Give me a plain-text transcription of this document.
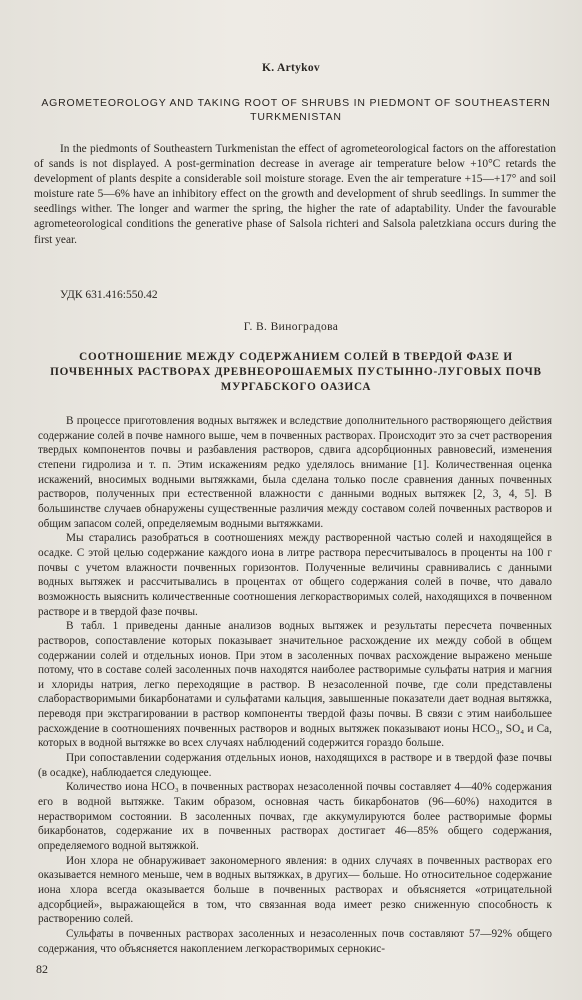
K. Artykov
AGROMETEOROLOGY AND TAKING ROOT OF SHRUBS IN PIEDMONT OF SOUTHEASTERN TURKMENISTAN
In the piedmonts of Southeastern Turkmenistan the effect of agrometeorological factors on the afforestation of sands is not displayed. A post-germination decrease in average air temperature below +10°C retards the development of plants despite a considerable soil moisture storage. Even the air temperature +15—+17° and soil moisture rate 5—6% have an inhibitory effect on the growth and development of shrub seedlings. In summer the seedlings wither. The longer and warmer the spring, the higher the rate of adaptability. Under the favourable agrometeorological conditions the generative phase of Salsola richteri and Salsola paletzkiana occurs during the first year.
УДК 631.416:550.42
Г. В. Виноградова
СООТНОШЕНИЕ МЕЖДУ СОДЕРЖАНИЕМ СОЛЕЙ В ТВЕРДОЙ ФАЗЕ И ПОЧВЕННЫХ РАСТВОРАХ ДРЕВНЕОРОШАЕМЫХ ПУСТЫННО-ЛУГОВЫХ ПОЧВ МУРГАБСКОГО ОАЗИСА

В процессе приготовления водных вытяжек и вследствие дополнительного растворяющего действия содержание солей в почве намного выше, чем в почвенных растворах. Происходит это за счет растворения твердых компонентов почвы и разбавления растворов, сдвига адсорбционных равновесий, изменения степени гидролиза и т. п. Этим искажениям редко уделялось внимание [1]. Количественная оценка искажений, вносимых водными вытяжками, была сделана только после сравнения данных почвенных растворов, полученных при естественной влажности с данными водных вытяжек [2, 3, 4, 5]. В большинстве случаев обнаружены существенные различия между составом солей почвенных растворов и общим запасом солей, определяемым водными вытяжками.

Мы старались разобраться в соотношениях между растворенной частью солей и находящейся в осадке. С этой целью содержание каждого иона в литре раствора пересчитывалось в проценты на 100 г почвы с учетом влажности почвенных горизонтов. Полученные величины сравнивались с данными водных вытяжек и рассчитывались в процентах от общего содержания солей в почве, что давало возможность выяснить количественные соотношения легкорастворимых солей, находящихся в почвенном растворе и в твердой фазе почвы.

В табл. 1 приведены данные анализов водных вытяжек и результаты пересчета почвенных растворов, сопоставление которых показывает значительное расхождение их между собой в общем содержании солей и отдельных ионов. При этом в засоленных почвах расхождение выражено меньше потому, что в составе солей засоленных почв находятся наиболее растворимые сульфаты натрия и магния и хлориды натрия, легко переходящие в раствор. В незасоленной почве, где соли представлены слаборастворимыми бикарбонатами и сульфатами кальция, завышенные показатели дает водная вытяжка, переводя при экстрагировании в раствор компоненты твердой фазы почвы. В связи с этим наибольшее расхождение в соотношениях почвенных растворов и водных вытяжек показывают ионы HCO₃, SO₄ и Ca, которых в водной вытяжке во всех случаях наблюдений содержится гораздо больше.

При сопоставлении содержания отдельных ионов, находящихся в растворе и в твердой фазе почвы (в осадке), наблюдается следующее.

Количество иона HCO₃ в почвенных растворах незасоленной почвы составляет 4—40% содержания его в водной вытяжке. Таким образом, основная часть бикарбонатов (96—60%) находится в нерастворимом состоянии. В засоленных почвах, где аккумулируются более растворимые формы бикарбонатов, содержание их в почвенных растворах достигает 46—85% общего содержания, определяемого водной вытяжкой.

Ион хлора не обнаруживает закономерного явления: в одних случаях в почвенных растворах его оказывается немного меньше, чем в водных вытяжках, в других— больше. Но относительное содержание иона хлора всегда оказывается больше в почвенных растворах и объясняется «отрицательной адсорбцией», выражающейся в том, что связанная вода имеет резко сниженную способность к растворению солей.

Сульфаты в почвенных растворах засоленных и незасоленных почв составляют 57—92% общего содержания, что объясняется накоплением легкорастворимых сернокис-

82
